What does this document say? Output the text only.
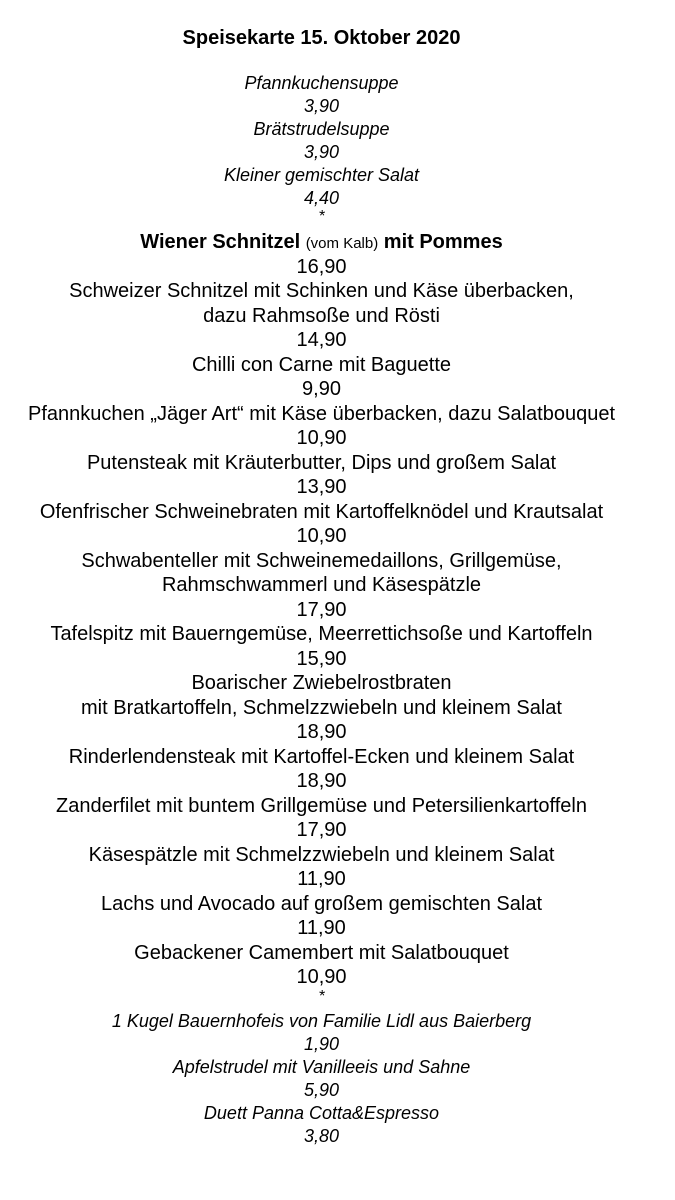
Speisekarte 15. Oktober 2020
Pfannkuchensuppe
3,90
Brätstrudelsuppe
3,90
Kleiner gemischter Salat
4,40
*
Wiener Schnitzel (vom Kalb) mit Pommes
16,90
Schweizer Schnitzel mit Schinken und Käse überbacken,
dazu Rahmsoße und Rösti
14,90
Chilli con Carne mit Baguette
9,90
Pfannkuchen „Jäger Art“ mit Käse überbacken, dazu Salatbouquet
10,90
Putensteak mit Kräuterbutter, Dips und großem Salat
13,90
Ofenfrischer Schweinebraten mit Kartoffelknödel und Krautsalat
10,90
Schwabenteller mit Schweinemedaillons, Grillgemüse,
Rahmschwammerl und Käsespätzle
17,90
Tafelspitz mit Bauerngemüse, Meerrettichsoße und Kartoffeln
15,90
Boarischer Zwiebelrostbraten
mit Bratkartoffeln, Schmelzzwiebeln und kleinem Salat
18,90
Rinderlendensteak mit Kartoffel-Ecken und kleinem Salat
18,90
Zanderfilet mit buntem Grillgemüse und Petersilienkartoffeln
17,90
Käsespätzle mit Schmelzzwiebeln und kleinem Salat
11,90
Lachs und Avocado auf großem gemischten Salat
11,90
Gebackener Camembert mit Salatbouquet
10,90
*
1 Kugel Bauernhofeis von Familie Lidl aus Baierberg
1,90
Apfelstrudel mit Vanilleeis und Sahne
5,90
Duett Panna Cotta&Espresso
3,80
